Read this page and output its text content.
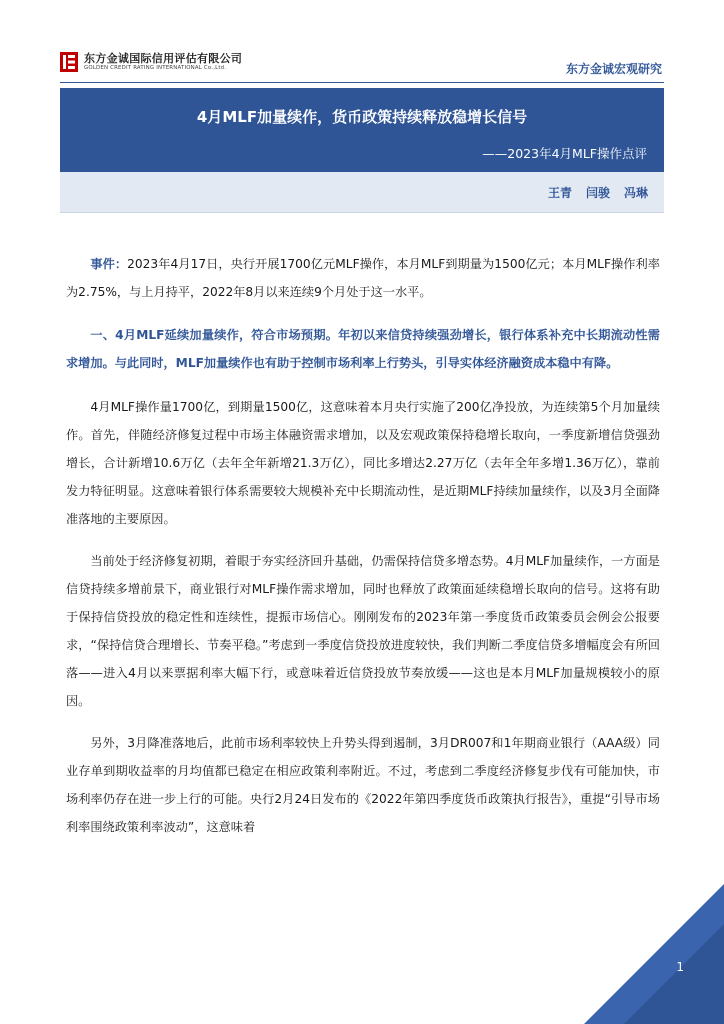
东方金诚国际信用评估有限公司
GOLDEN CREDIT RATING INTERNATIONAL Co.,Ltd.	东方金诚宏观研究
4月MLF加量续作，货币政策持续释放稳增长信号
——2023年4月MLF操作点评
王青 闫骏 冯琳

事件：2023年4月17日，央行开展1700亿元MLF操作，本月MLF到期量为1500亿元；本月MLF操作利率为2.75%，与上月持平，2022年8月以来连续9个月处于这一水平。

一、4月MLF延续加量续作，符合市场预期。年初以来信贷持续强劲增长，银行体系补充中长期流动性需求增加。与此同时，MLF加量续作也有助于控制市场利率上行势头，引导实体经济融资成本稳中有降。

4月MLF操作量1700亿，到期量1500亿，这意味着本月央行实施了200亿净投放，为连续第5个月加量续作。首先，伴随经济修复过程中市场主体融资需求增加，以及宏观政策保持稳增长取向，一季度新增信贷强劲增长，合计新增10.6万亿（去年全年新增21.3万亿），同比多增达2.27万亿（去年全年多增1.36万亿），靠前发力特征明显。这意味着银行体系需要较大规模补充中长期流动性，是近期MLF持续加量续作，以及3月全面降准落地的主要原因。

当前处于经济修复初期，着眼于夯实经济回升基础，仍需保持信贷多增态势。4月MLF加量续作，一方面是信贷持续多增前景下，商业银行对MLF操作需求增加，同时也释放了政策面延续稳增长取向的信号。这将有助于保持信贷投放的稳定性和连续性，提振市场信心。刚刚发布的2023年第一季度货币政策委员会例会公报要求，“保持信贷合理增长、节奏平稳。”考虑到一季度信贷投放进度较快，我们判断二季度信贷多增幅度会有所回落——进入4月以来票据利率大幅下行，或意味着近信贷投放节奏放缓——这也是本月MLF加量规模较小的原因。

另外，3月降准落地后，此前市场利率较快上升势头得到遏制，3月DR007和1年期商业银行（AAA级）同业存单到期收益率的月均值都已稳定在相应政策利率附近。不过，考虑到二季度经济修复步伐有可能加快，市场利率仍存在进一步上行的可能。央行2月24日发布的《2022年第四季度货币政策执行报告》，重提“引导市场利率围绕政策利率波动”，这意味着

1
